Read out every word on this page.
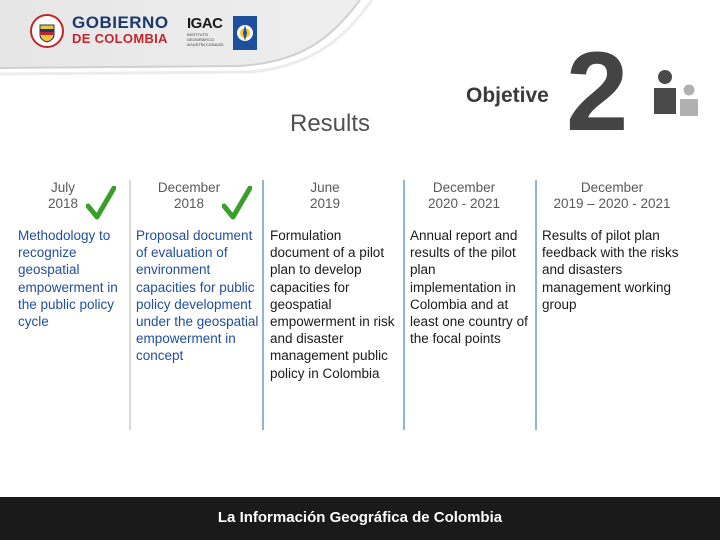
GOBIERNO
DE COLOMBIA
IGAC
INSTITUTO GEOGRÁFICO AGUSTÍN CODAZZI
Objetive 2
Results
July
2018
Methodology to
recognize
geospatial
empowerment in
the public policy
cycle
December
2018
Proposal document
of evaluation of
environment
capacities for public
policy development
under the geospatial
empowerment in
concept
June
2019
Formulation
document of a pilot
plan to develop
capacities for
geospatial
empowerment in risk
and disaster
management public
policy in Colombia
December
2020 - 2021
Annual report and
results of the pilot
plan
implementation in
Colombia and at
least one country of
the focal points
December
2019 – 2020 - 2021
Results of pilot plan
feedback with the risks
and disasters
management working
group
La Información Geográfica de Colombia
